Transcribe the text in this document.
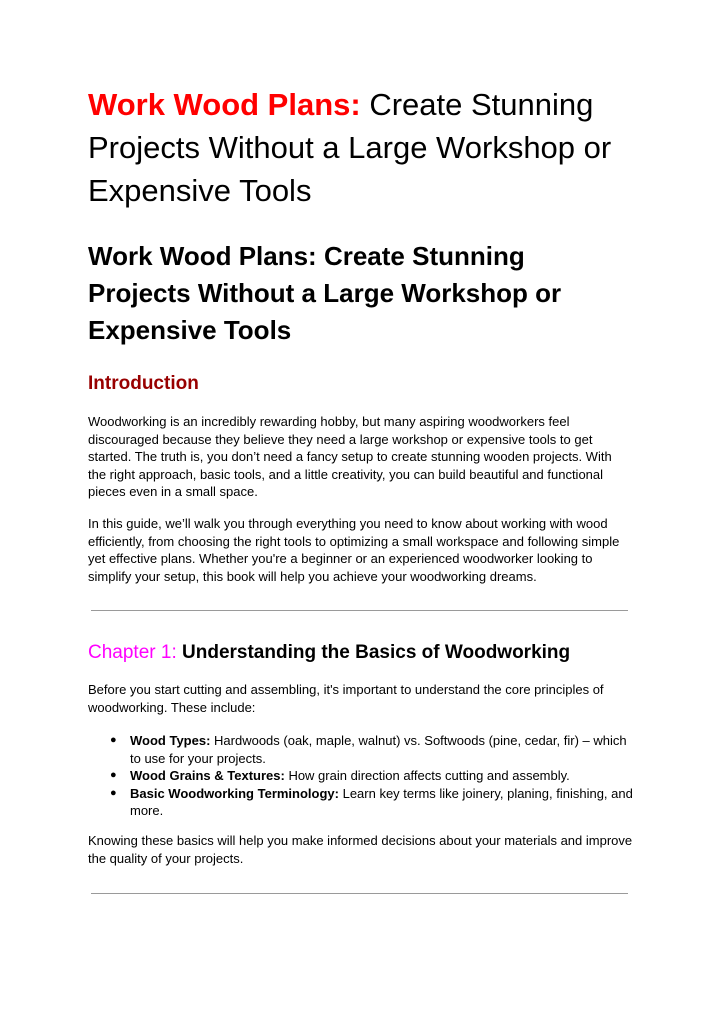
Work Wood Plans: Create Stunning Projects Without a Large Workshop or Expensive Tools
Work Wood Plans: Create Stunning Projects Without a Large Workshop or Expensive Tools
Introduction

Woodworking is an incredibly rewarding hobby, but many aspiring woodworkers feel discouraged because they believe they need a large workshop or expensive tools to get started. The truth is, you don’t need a fancy setup to create stunning wooden projects. With the right approach, basic tools, and a little creativity, you can build beautiful and functional pieces even in a small space.

In this guide, we’ll walk you through everything you need to know about working with wood efficiently, from choosing the right tools to optimizing a small workspace and following simple yet effective plans. Whether you're a beginner or an experienced woodworker looking to simplify your setup, this book will help you achieve your woodworking dreams.

Chapter 1: Understanding the Basics of Woodworking

Before you start cutting and assembling, it's important to understand the core principles of woodworking. These include:

● Wood Types: Hardwoods (oak, maple, walnut) vs. Softwoods (pine, cedar, fir) – which to use for your projects.
● Wood Grains & Textures: How grain direction affects cutting and assembly.
● Basic Woodworking Terminology: Learn key terms like joinery, planing, finishing, and more.

Knowing these basics will help you make informed decisions about your materials and improve the quality of your projects.
